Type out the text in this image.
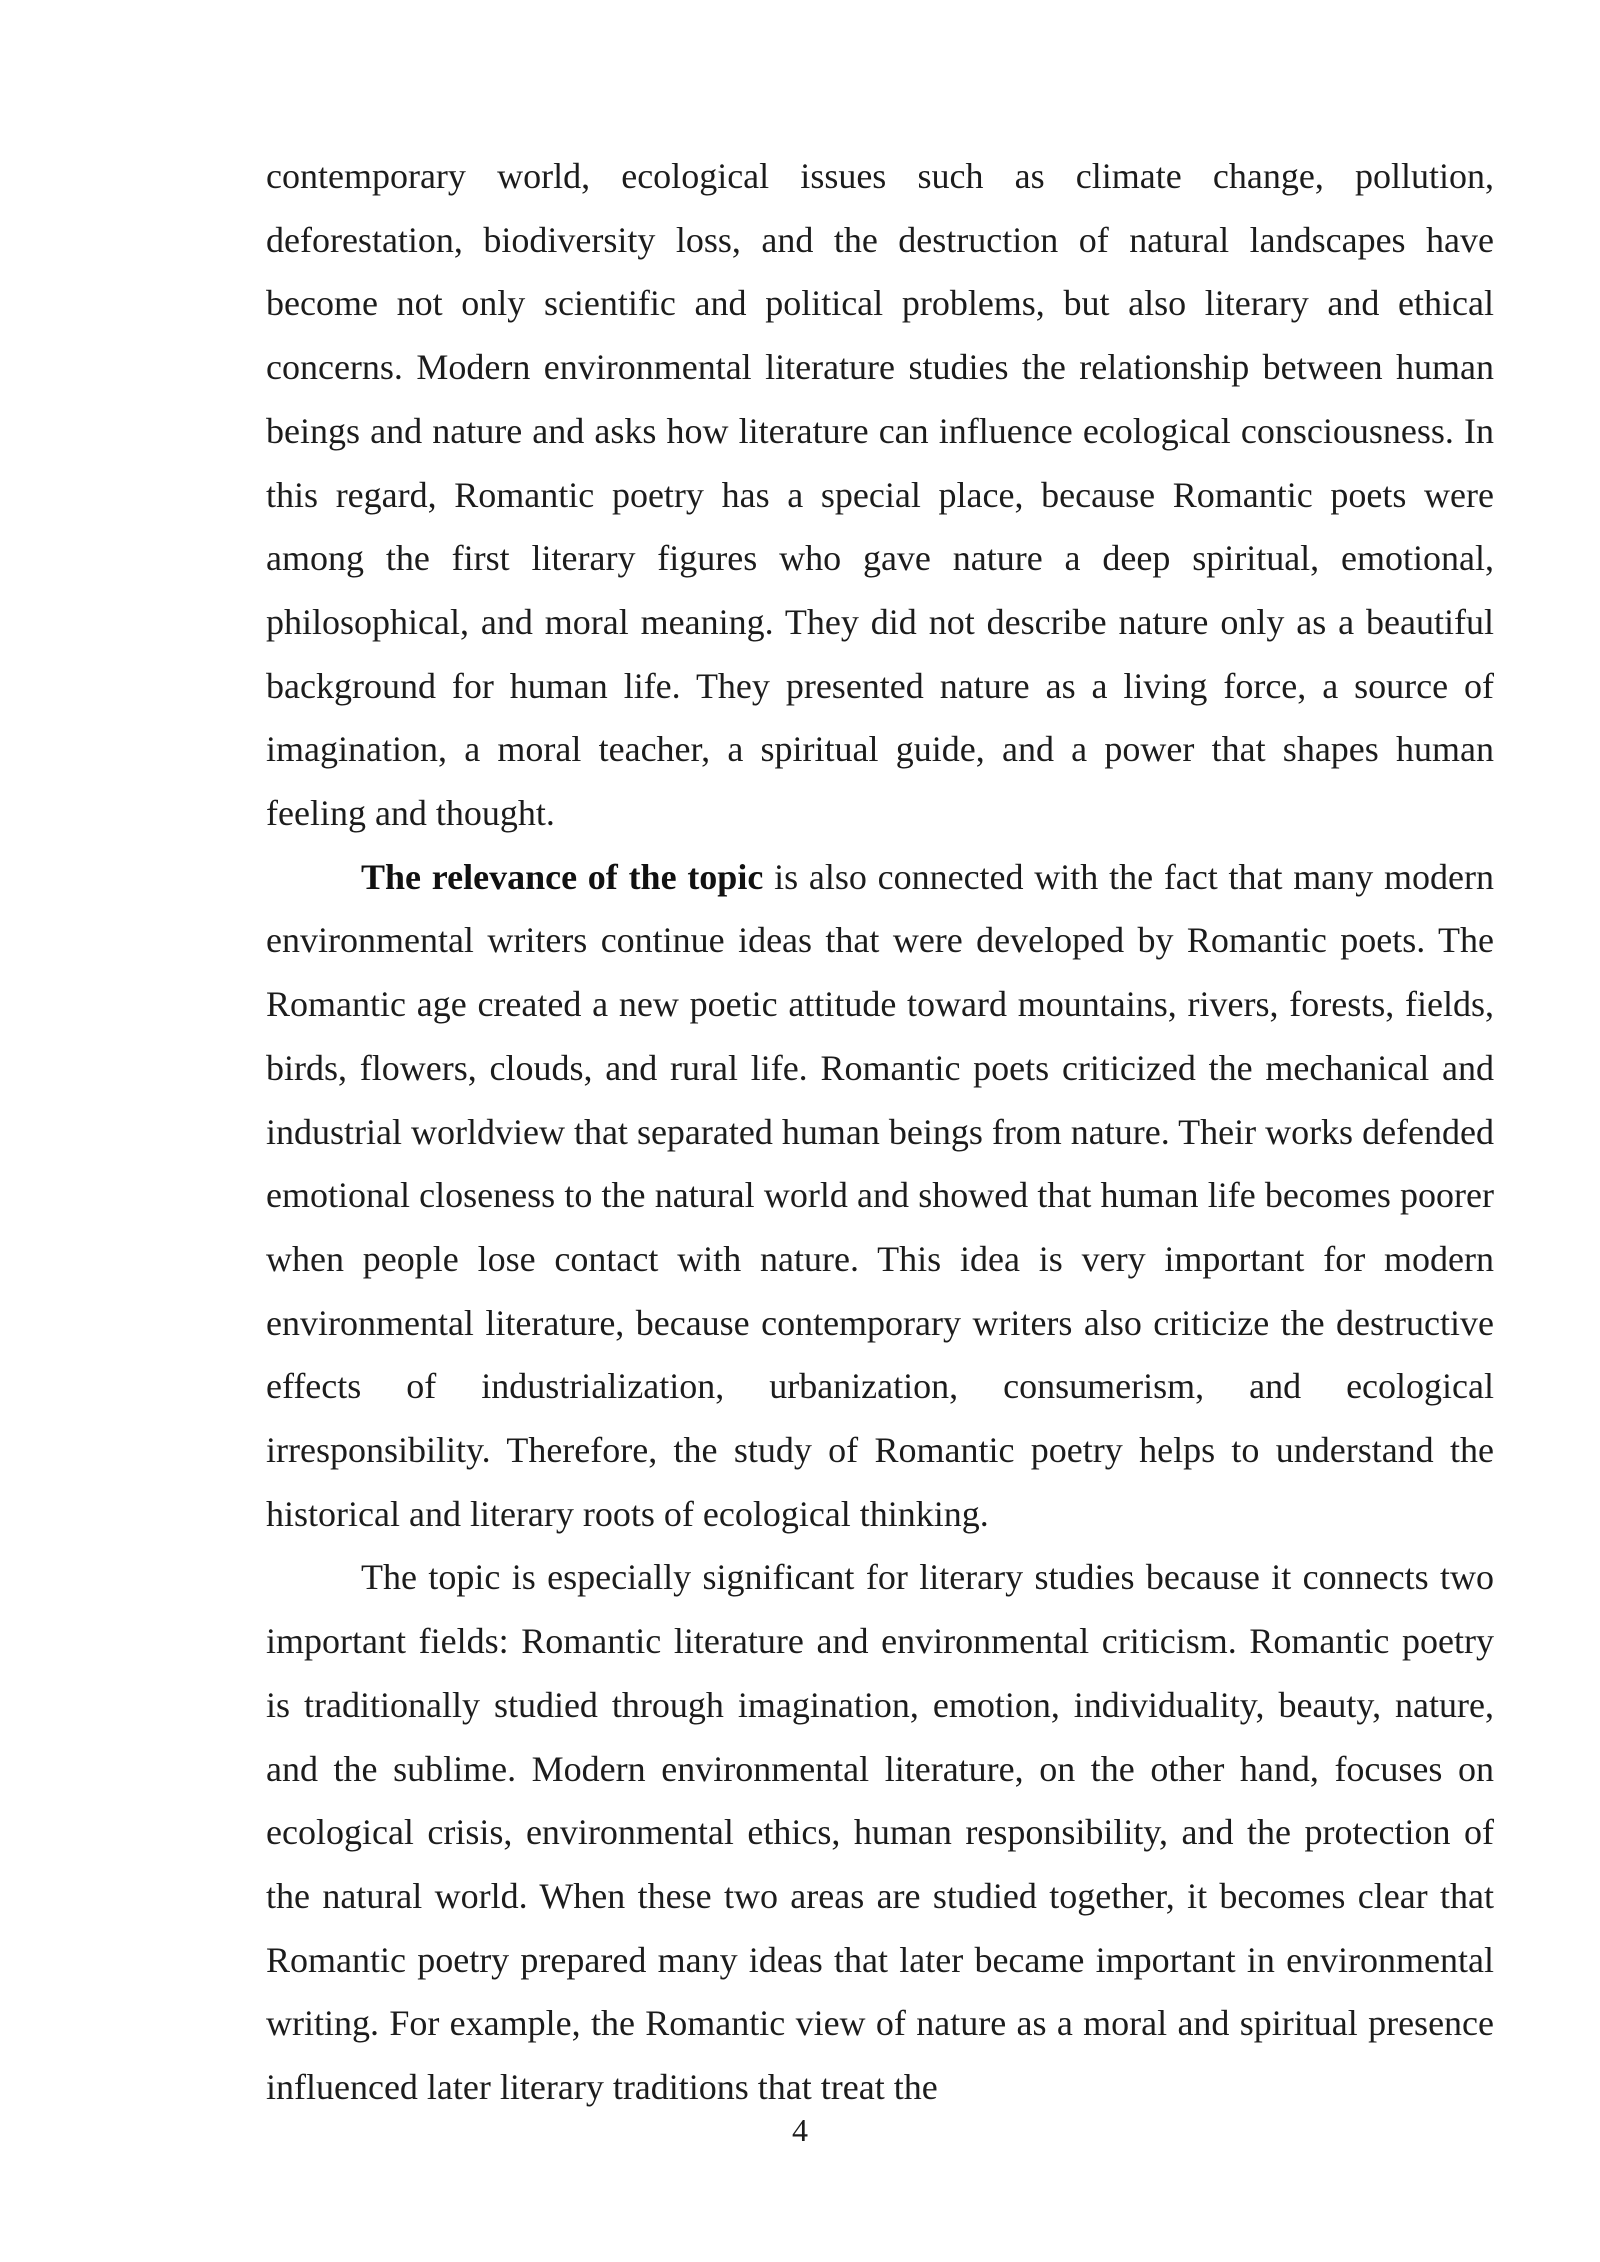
contemporary world, ecological issues such as climate change, pollution, deforestation, biodiversity loss, and the destruction of natural landscapes have become not only scientific and political problems, but also literary and ethical concerns. Modern environmental literature studies the relationship between human beings and nature and asks how literature can influence ecological consciousness. In this regard, Romantic poetry has a special place, because Romantic poets were among the first literary figures who gave nature a deep spiritual, emotional, philosophical, and moral meaning. They did not describe nature only as a beautiful background for human life. They presented nature as a living force, a source of imagination, a moral teacher, a spiritual guide, and a power that shapes human feeling and thought.

The relevance of the topic is also connected with the fact that many modern environmental writers continue ideas that were developed by Romantic poets. The Romantic age created a new poetic attitude toward mountains, rivers, forests, fields, birds, flowers, clouds, and rural life. Romantic poets criticized the mechanical and industrial worldview that separated human beings from nature. Their works defended emotional closeness to the natural world and showed that human life becomes poorer when people lose contact with nature. This idea is very important for modern environmental literature, because contemporary writers also criticize the destructive effects of industrialization, urbanization, consumerism, and ecological irresponsibility. Therefore, the study of Romantic poetry helps to understand the historical and literary roots of ecological thinking.

The topic is especially significant for literary studies because it connects two important fields: Romantic literature and environmental criticism. Romantic poetry is traditionally studied through imagination, emotion, individuality, beauty, nature, and the sublime. Modern environmental literature, on the other hand, focuses on ecological crisis, environmental ethics, human responsibility, and the protection of the natural world. When these two areas are studied together, it becomes clear that Romantic poetry prepared many ideas that later became important in environmental writing. For example, the Romantic view of nature as a moral and spiritual presence influenced later literary traditions that treat the

4
